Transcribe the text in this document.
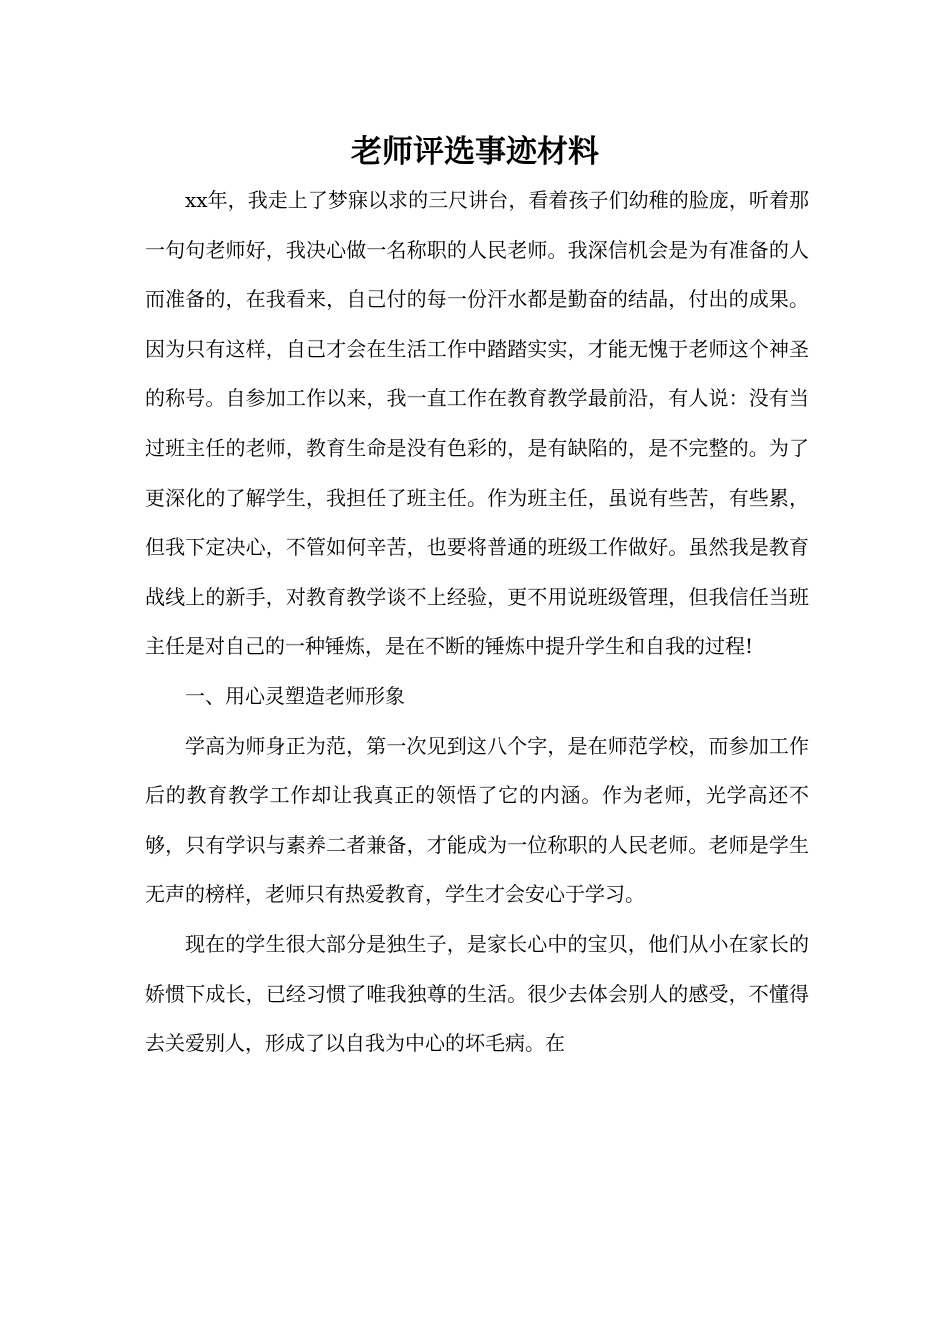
老师评选事迹材料

xx年，我走上了梦寐以求的三尺讲台，看着孩子们幼稚的脸庞，听着那一句句老师好，我决心做一名称职的人民老师。我深信机会是为有准备的人而准备的，在我看来，自己付的每一份汗水都是勤奋的结晶，付出的成果。因为只有这样，自己才会在生活工作中踏踏实实，才能无愧于老师这个神圣的称号。自参加工作以来，我一直工作在教育教学最前沿，有人说：没有当过班主任的老师，教育生命是没有色彩的，是有缺陷的，是不完整的。为了更深化的了解学生，我担任了班主任。作为班主任，虽说有些苦，有些累，但我下定决心，不管如何辛苦，也要将普通的班级工作做好。虽然我是教育战线上的新手，对教育教学谈不上经验，更不用说班级管理，但我信任当班主任是对自己的一种锤炼，是在不断的锤炼中提升学生和自我的过程!

一、用心灵塑造老师形象

学高为师身正为范，第一次见到这八个字，是在师范学校，而参加工作后的教育教学工作却让我真正的领悟了它的内涵。作为老师，光学高还不够，只有学识与素养二者兼备，才能成为一位称职的人民老师。老师是学生无声的榜样，老师只有热爱教育，学生才会安心于学习。

现在的学生很大部分是独生子，是家长心中的宝贝，他们从小在家长的娇惯下成长，已经习惯了唯我独尊的生活。很少去体会别人的感受，不懂得去关爱别人，形成了以自我为中心的坏毛病。在
